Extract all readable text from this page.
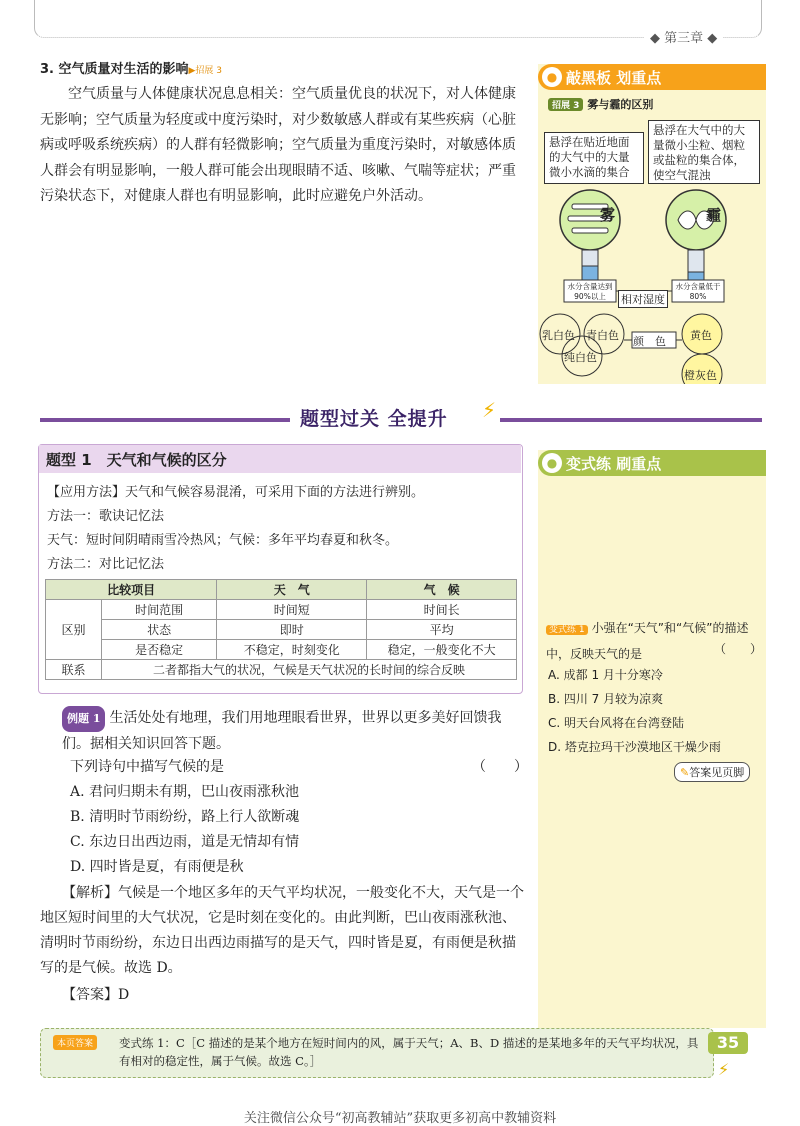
◆ 第三章 ◆
3. 空气质量对生活的影响▶招展 3
空气质量与人体健康状况息息相关：空气质量优良的状况下，对人体健康无影响；空气质量为轻度或中度污染时，对少数敏感人群或有某些疾病（心脏病或呼吸系统疾病）的人群有轻微影响；空气质量为重度污染时，对敏感体质人群会有明显影响，一般人群可能会出现眼睛不适、咳嗽、气喘等症状；严重污染状态下，对健康人群也有明显影响，此时应避免户外活动。
● 敲黑板 划重点
招展 3 雾与霾的区别
悬浮在贴近地面的大气中的大量微小水滴的集合
悬浮在大气中的大量微小尘粒、烟粒或盐粒的集合体，使空气混浊
雾	霾
水分含量达到90%以上
水分含量低于80%
相对湿度
颜　色
乳白色 青白色
纯白色
黄色
橙灰色
题型过关 全提升 ⚡
题型 1　天气和气候的区分
【应用方法】天气和气候容易混淆，可采用下面的方法进行辨别。
方法一：歌诀记忆法
天气：短时间阴晴雨雪冷热风；气候：多年平均春夏和秋冬。
方法二：对比记忆法
比较项目		天　气	气　候
区别	时间范围	时间短	时间长
	状态	即时	平均
	是否稳定	不稳定，时刻变化	稳定，一般变化不大
联系	二者都指大气的状况，气候是天气状况的长时间的综合反映		
例题 1 生活处处有地理，我们用地理眼看世界，世界以更多美好回馈我们。据相关知识回答下题。
下列诗句中描写气候的是	（　　）
A. 君问归期未有期，巴山夜雨涨秋池
B. 清明时节雨纷纷，路上行人欲断魂
C. 东边日出西边雨，道是无情却有情
D. 四时皆是夏，有雨便是秋
【解析】气候是一个地区多年的天气平均状况，一般变化不大，天气是一个地区短时间里的大气状况，它是时刻在变化的。由此判断，巴山夜雨涨秋池、清明时节雨纷纷，东边日出西边雨描写的是天气，四时皆是夏，有雨便是秋描写的是气候。故选 D。
【答案】D
● 变式练 刷重点
变式练 1 小强在“天气”和“气候”的描述中，反映天气的是	（　　）
A. 成都 1 月十分寒冷
B. 四川 7 月较为凉爽
C. 明天台风将在台湾登陆
D. 塔克拉玛干沙漠地区干燥少雨
✎答案见页脚
本页答案	变式练 1：C［C 描述的是某个地方在短时间内的风，属于天气；A、B、D 描述的是某地多年的天气平均状况，具有相对的稳定性，属于气候。故选 C。］
35
⚡
关注微信公众号“初高教辅站”获取更多初高中教辅资料
